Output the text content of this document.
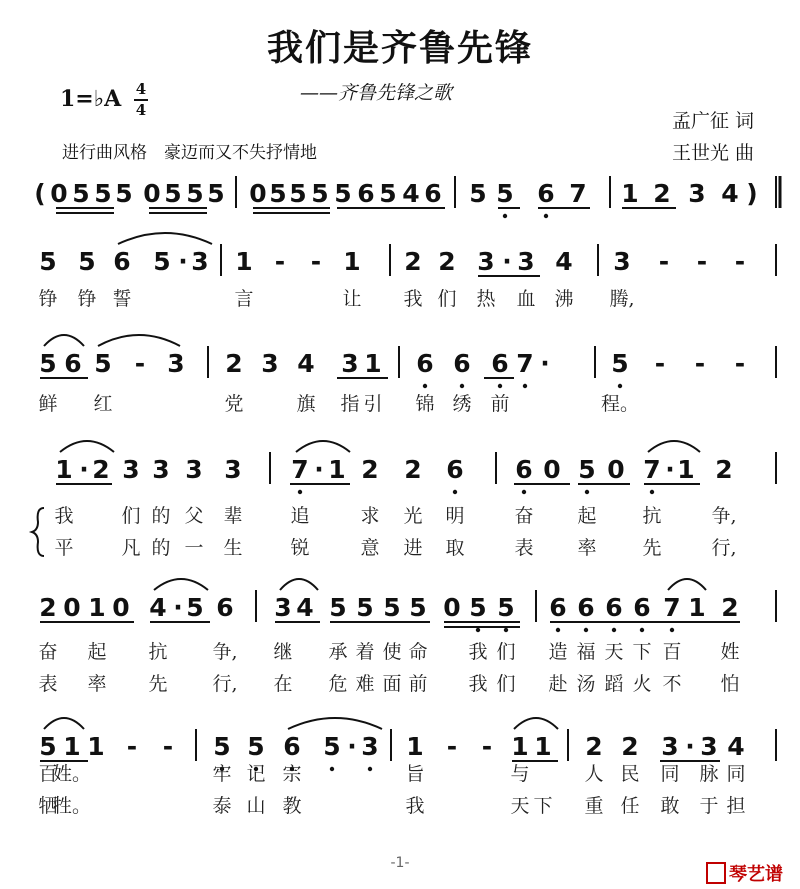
我们是齐鲁先锋
——齐鲁先锋之歌
1=♭A 4
4	孟广征 词
王世光 曲
进行曲风格　豪迈而又不失抒情地
( 0 5 5 5 0 5 5 5 0 5 5 5 5 6 5 4 6 5 5 6 7 1 2 3 4 )
5 5 6 5 · 3 1 - - 1 2 2 3 · 3 4 3 - - -
铮 铮 誓	言	让 我 们 热 血 沸 腾,
5 6 5 - 3 2 3 4 3 1 6 6 6 7 · 5 - - -
鲜 红	党	旗 指 引 锦 绣 前	程。
1 · 2 3 3 3 3 7 · 1 2 2 6 6 0 5 0 7 · 1 2
我	们 的 父 辈	追	求 光 明	奋 起 抗	争,
平	凡 的 一 生	锐	意 进 取	表 率 先	行,
2 0 1 0 4 · 5 6 3 4 5 5 5 5 0 5 5 6 6 6 6 7 1 2
奋 起 抗 争, 继 承 着 使 命 我 们 造 福 天 下 百 姓
表 率 先 行, 在 危 难 面 前 我 们 赴 汤 蹈 火 不 怕
5 1 1 - - 5 5 6 5 · 3 1 - - 1 1 2 2 3 · 3 4
百
姓。	牢 记 宗	旨	与	人 民 同 脉 同
牺
牲。	泰 山 教	我	天 下 重 任 敢 于 担
-1-
琴艺谱
